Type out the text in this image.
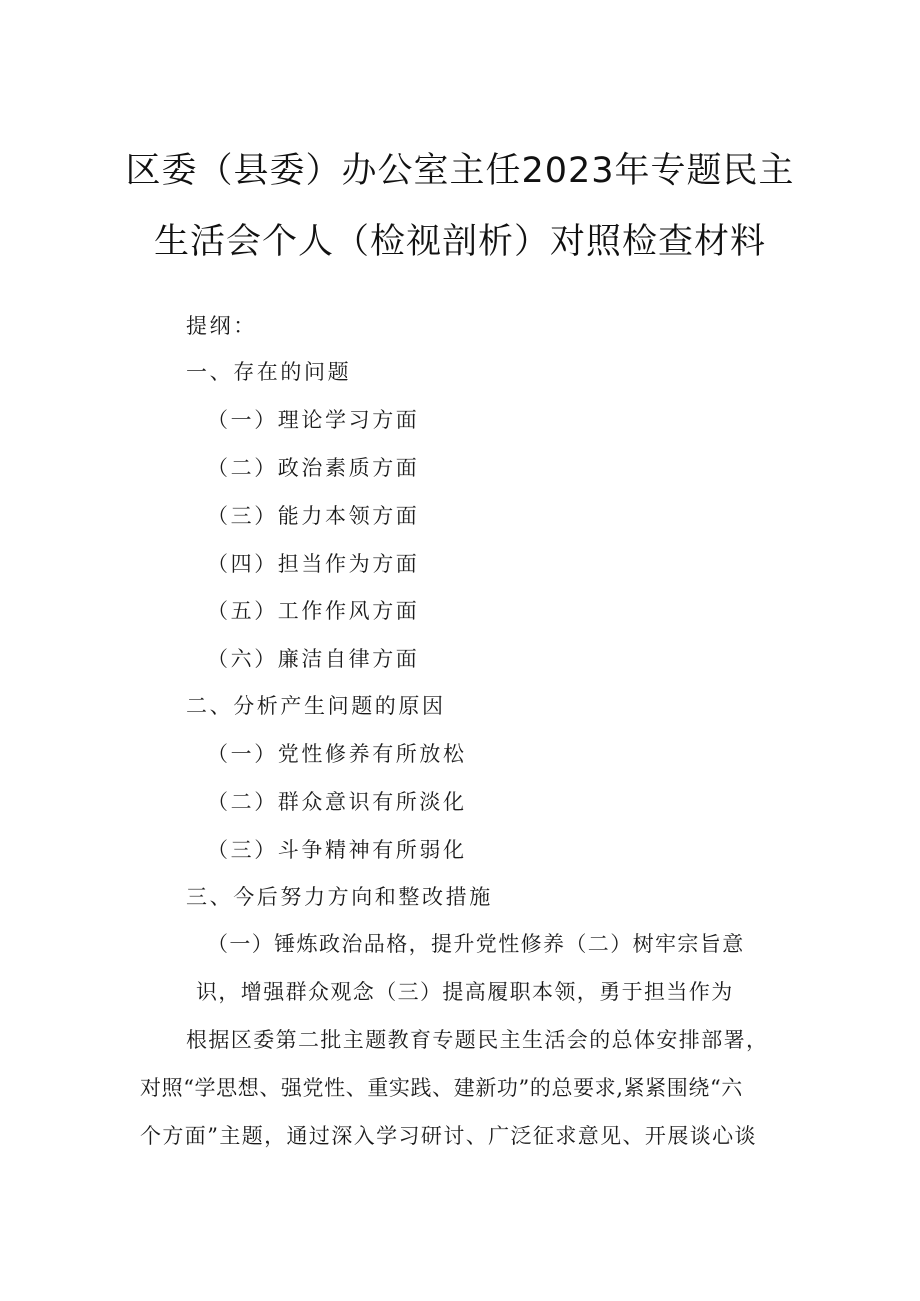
区委（县委）办公室主任2023年专题民主
生活会个人（检视剖析）对照检查材料
提纲：
一、存在的问题
（一）理论学习方面
（二）政治素质方面
（三）能力本领方面
（四）担当作为方面
（五）工作作风方面
（六）廉洁自律方面
二、分析产生问题的原因
（一）党性修养有所放松
（二）群众意识有所淡化
（三）斗争精神有所弱化
三、今后努力方向和整改措施
（一）锤炼政治品格，提升党性修养（二）树牢宗旨意
识，增强群众观念（三）提高履职本领，勇于担当作为
根据区委第二批主题教育专题民主生活会的总体安排部署，
对照“学思想、强党性、重实践、建新功”的总要求,紧紧围绕“六
个方面”主题，通过深入学习研讨、广泛征求意见、开展谈心谈
